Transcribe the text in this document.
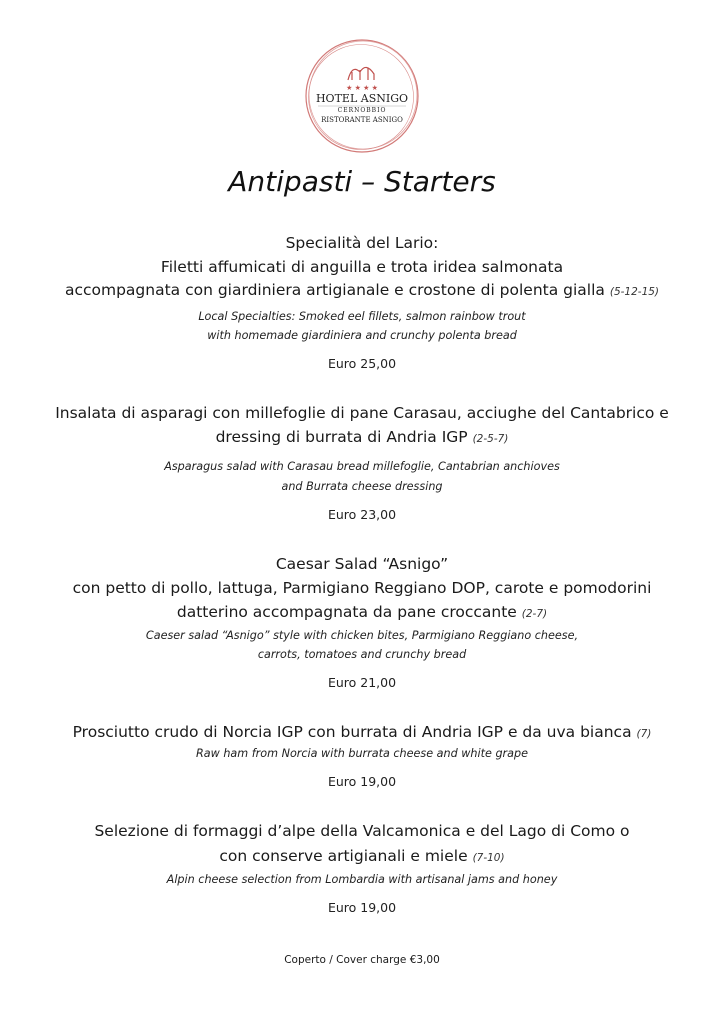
★ ★ ★ ★
HOTEL ASNIGO
CERNOBBIO
RISTORANTE ASNIGO
Antipasti – Starters
Specialità del Lario:
Filetti affumicati di anguilla e trota iridea salmonata
accompagnata con giardiniera artigianale e crostone di polenta gialla (5-12-15)
Local Specialties: Smoked eel fillets, salmon rainbow trout
with homemade giardiniera and crunchy polenta bread
Euro 25,00
Insalata di asparagi con millefoglie di pane Carasau, acciughe del Cantabrico e
dressing di burrata di Andria IGP (2-5-7)
Asparagus salad with Carasau bread millefoglie, Cantabrian anchioves
and Burrata cheese dressing
Euro 23,00
Caesar Salad “Asnigo”
con petto di pollo, lattuga, Parmigiano Reggiano DOP, carote e pomodorini
datterino accompagnata da pane croccante (2-7)
Caeser salad “Asnigo” style with chicken bites, Parmigiano Reggiano cheese,
carrots, tomatoes and crunchy bread
Euro 21,00
Prosciutto crudo di Norcia IGP con burrata di Andria IGP e da uva bianca (7)
Raw ham from Norcia with burrata cheese and white grape
Euro 19,00
Selezione di formaggi d’alpe della Valcamonica e del Lago di Como o
con conserve artigianali e miele (7-10)
Alpin cheese selection from Lombardia with artisanal jams and honey
Euro 19,00
Coperto / Cover charge €3,00
